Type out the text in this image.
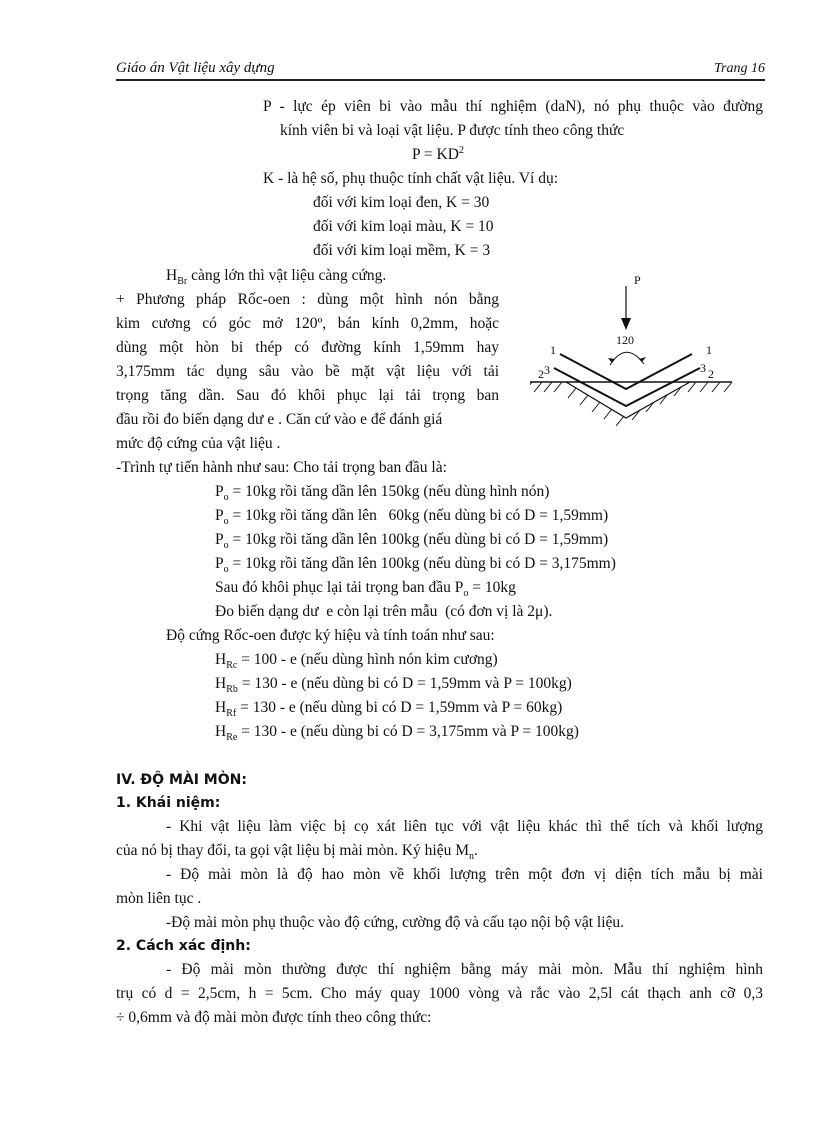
Giáo án Vật liệu xây dựng	Trang 16
P - lực ép viên bi vào mẫu thí nghiệm (daN), nó phụ thuộc vào đường
kính viên bi và loại vật liệu. P được tính theo công thức
$P = KD^2$
K - là hệ số, phụ thuộc tính chất vật liệu. Ví dụ:
đối với kim loại đen, K = 30
đối với kim loại màu, K = 10
đối với kim loại mềm, K = 3
$H_{Br}$ càng lớn thì vật liệu càng cứng.
+ Phương pháp Rốc-oen : dùng một hình nón bằng
kim cương có góc mở 120º, bán kính 0,2mm, hoặc
dùng một hòn bi thép có đường kính 1,59mm hay
3,175mm tác dụng sâu vào bề mặt vật liệu với tải
trọng tăng dần. Sau đó khôi phục lại tải trọng ban
đầu rồi đo biến dạng dư e . Căn cứ vào e để đánh giá
mức độ cứng của vật liệu .
P
120
1	1
2 3	3 2
-Trình tự tiến hành như sau: Cho tải trọng ban đầu là:
$P_o = 10kg$ rồi tăng dần lên 150kg (nếu dùng hình nón)
$P_o = 10kg$ rồi tăng dần lên   60kg (nếu dùng bi có D = 1,59mm)
$P_o = 10kg$ rồi tăng dần lên 100kg (nếu dùng bi có D = 1,59mm)
$P_o = 10kg$ rồi tăng dần lên 100kg (nếu dùng bi có D = 3,175mm)
Sau đó khôi phục lại tải trọng ban đầu $P_o = 10kg$
Đo biến dạng dư  e còn lại trên mẫu  (có đơn vị là 2μ).
Độ cứng Rốc-oen được ký hiệu và tính toán như sau:
$H_{Rc} = 100 - e$ (nếu dùng hình nón kim cương)
$H_{Rb} = 130 - e$ (nếu dùng bi có D = 1,59mm và P = 100kg)
$H_{Rf} = 130 - e$ (nếu dùng bi có D = 1,59mm và P = 60kg)
$H_{Re} = 130 - e$ (nếu dùng bi có D = 3,175mm và P = 100kg)
IV. ĐỘ MÀI MÒN:
1. Khái niệm:
- Khi vật liệu làm việc bị cọ xát liên tục với vật liệu khác thì thể tích và khối lượng
của nó bị thay đổi, ta gọi vật liệu bị mài mòn. Ký hiệu $M_n$.
- Độ mài mòn là độ hao mòn về khối lượng trên một đơn vị diện tích mẫu bị mài
mòn liên tục .
-Độ mài mòn phụ thuộc vào độ cứng, cường độ và cấu tạo nội bộ vật liệu.
2. Cách xác định:
- Độ mài mòn thường được thí nghiệm bằng máy mài mòn. Mẫu thí nghiệm hình
trụ có d = 2,5cm, h = 5cm. Cho máy quay 1000 vòng và rắc vào 2,5l cát thạch anh cỡ 0,3
÷ 0,6mm và độ mài mòn được tính theo công thức:
